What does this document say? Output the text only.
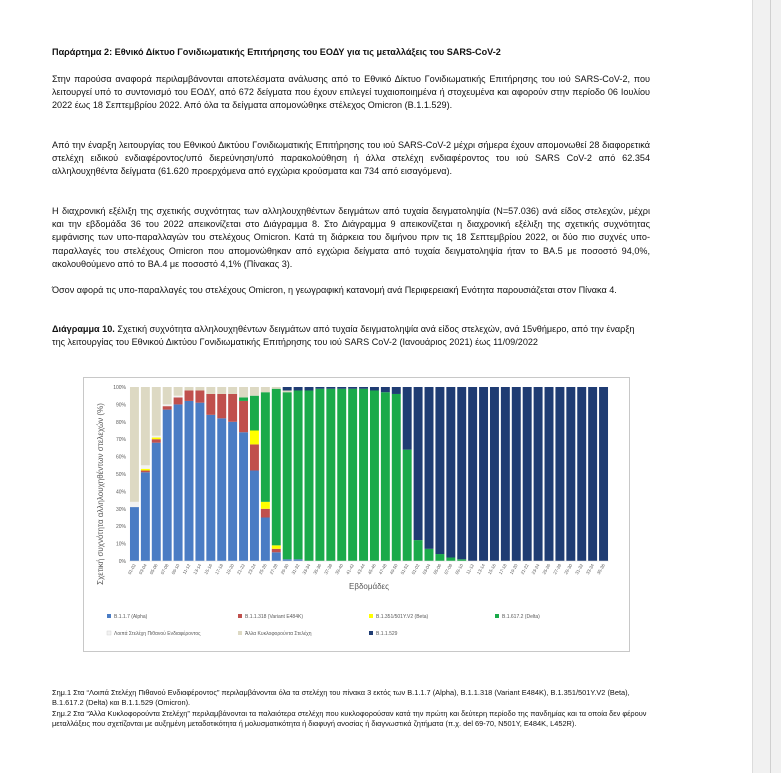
Παράρτημα 2: Εθνικό Δίκτυο Γονιδιωματικής Επιτήρησης του ΕΟΔΥ για τις μεταλλάξεις του SARS-CoV-2
Στην παρούσα αναφορά περιλαμβάνονται αποτελέσματα ανάλυσης από το Εθνικό Δίκτυο Γονιδιωματικής Επιτήρησης του ιού SARS-CoV-2, που λειτουργεί υπό το συντονισμό του ΕΟΔΥ, από 672 δείγματα που έχουν επιλεγεί τυχαιοποιημένα ή στοχευμένα και αφορούν στην περίοδο 06 Ιουλίου 2022 έως 18 Σεπτεμβρίου 2022. Από όλα τα δείγματα απομονώθηκε στέλεχος Omicron (B.1.1.529).
Από την έναρξη λειτουργίας του Εθνικού Δικτύου Γονιδιωματικής Επιτήρησης του ιού SARS-CoV-2 μέχρι σήμερα έχουν απομονωθεί 28 διαφορετικά στελέχη ειδικού ενδιαφέροντος/υπό διερεύνηση/υπό παρακολούθηση ή άλλα στελέχη ενδιαφέροντος του ιού SARS CoV-2 από 62.354 αλληλουχηθέντα δείγματα (61.620 προερχόμενα από εγχώρια κρούσματα και 734 από εισαγόμενα).
Η διαχρονική εξέλιξη της σχετικής συχνότητας των αλληλουχηθέντων δειγμάτων από τυχαία δειγματοληψία (N=57.036) ανά είδος στελεχών, μέχρι και την εβδομάδα 36 του 2022 απεικονίζεται στο Διάγραμμα 8. Στο Διάγραμμα 9 απεικονίζεται η διαχρονική εξέλιξη της σχετικής συχνότητας εμφάνισης των υπο-παραλλαγών του στελέχους Omicron. Κατά τη διάρκεια του διμήνου πριν τις 18 Σεπτεμβρίου 2022, οι δύο πιο συχνές υπο-παραλλαγές του στελέχους Omicron που απομονώθηκαν από εγχώρια δείγματα από τυχαία δειγματοληψία ήταν το BA.5 με ποσοστό 94,0%, ακολουθούμενο από το BA.4 με ποσοστό 4,1% (Πίνακας 3).
Όσον αφορά τις υπο-παραλλαγές του στελέχους Omicron, η γεωγραφική κατανομή ανά Περιφερειακή Ενότητα παρουσιάζεται στον Πίνακα 4.
Διάγραμμα 10. Σχετική συχνότητα αλληλουχηθέντων δειγμάτων από τυχαία δειγματοληψία ανά είδος στελεχών, ανά 15νθήμερο, από την έναρξη της λειτουργίας του Εθνικού Δικτύου Γονιδιωματικής Επιτήρησης του ιού SARS CoV-2 (Ιανουάριος 2021) έως 11/09/2022
0%
10%
20%
30%
40%
50%
60%
70%
80%
90%
100%
Σχετική συχνότητα αλληλουχηθέντων στελεχών (%)	01-02 03-04 05-06 07-08 09-10 11-12 13-14 15-16 17-18 19-20 21-22 23-24 25-26 27-28 29-30 31-32 33-34 35-36 37-38 39-40 41-42 43-44 45-46 47-48 49-50 51-52 01-02 03-04 05-06 07-08 09-10 11-12 13-14 15-16 17-18 19-20 21-22 23-24 25-26 27-28 29-30 31-32 33-34 35-36
Εβδομάδες
B.1.1.7 (Alpha)	B.1.1.318 (Variant E484K)	B.1.351/501Y.V2 (Beta)	B.1.617.2 (Delta)
Λοιπά Στελέχη Πιθανού Ενδιαφέροντος	Άλλα Κυκλοφορούντα Στελέχη	B.1.1.529
Σημ.1 Στα “Λοιπά Στελέχη Πιθανού Ενδιαφέροντος” περιλαμβάνονται όλα τα στελέχη του πίνακα 3 εκτός των B.1.1.7 (Alpha), B.1.1.318 (Variant E484K), B.1.351/501Y.V2 (Beta), B.1.617.2 (Delta) και B.1.1.529 (Omicron).
Σημ.2 Στα “Άλλα Κυκλοφορούντα Στελέχη” περιλαμβάνονται τα παλαιότερα στελέχη που κυκλοφορούσαν κατά την πρώτη και δεύτερη περίοδο της πανδημίας και τα οποία δεν φέρουν μεταλλάξεις που σχετίζονται με αυξημένη μεταδοτικότητα ή μολυσματικότητα ή διαφυγή ανοσίας ή διαγνωστικά ζητήματα (π.χ. del 69-70, N501Y, E484K, L452R).
